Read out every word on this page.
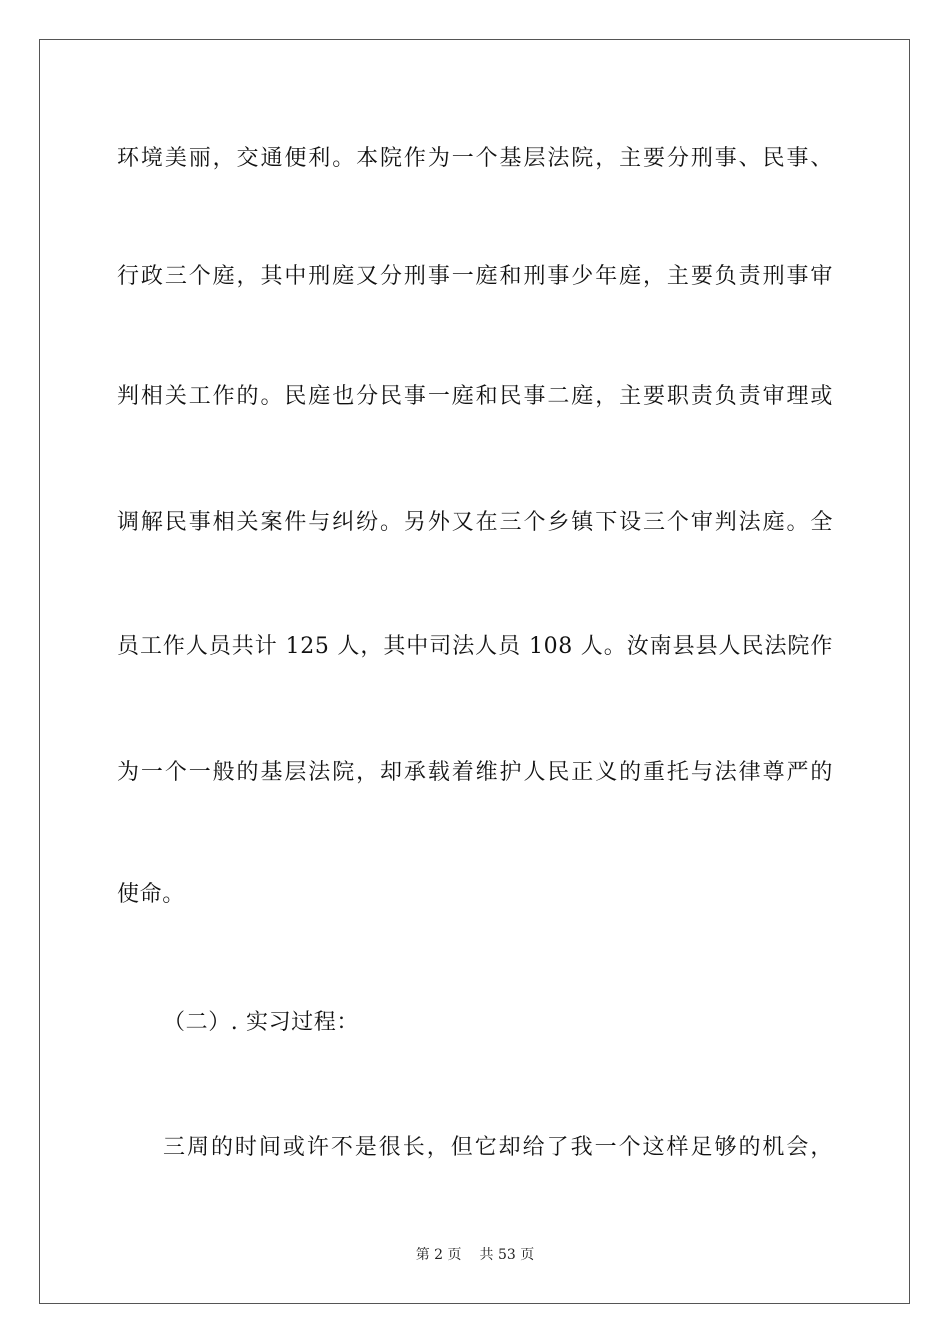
环境美丽，交通便利。本院作为一个基层法院，主要分刑事、民事、
行政三个庭，其中刑庭又分刑事一庭和刑事少年庭，主要负责刑事审
判相关工作的。民庭也分民事一庭和民事二庭，主要职责负责审理或
调解民事相关案件与纠纷。另外又在三个乡镇下设三个审判法庭。全
员工作人员共计 125 人，其中司法人员 108 人。汝南县县人民法院作
为一个一般的基层法院，却承载着维护人民正义的重托与法律尊严的
使命。
（二）. 实习过程：
三周的时间或许不是很长，但它却给了我一个这样足够的机会，
第 2 页 共 53 页
